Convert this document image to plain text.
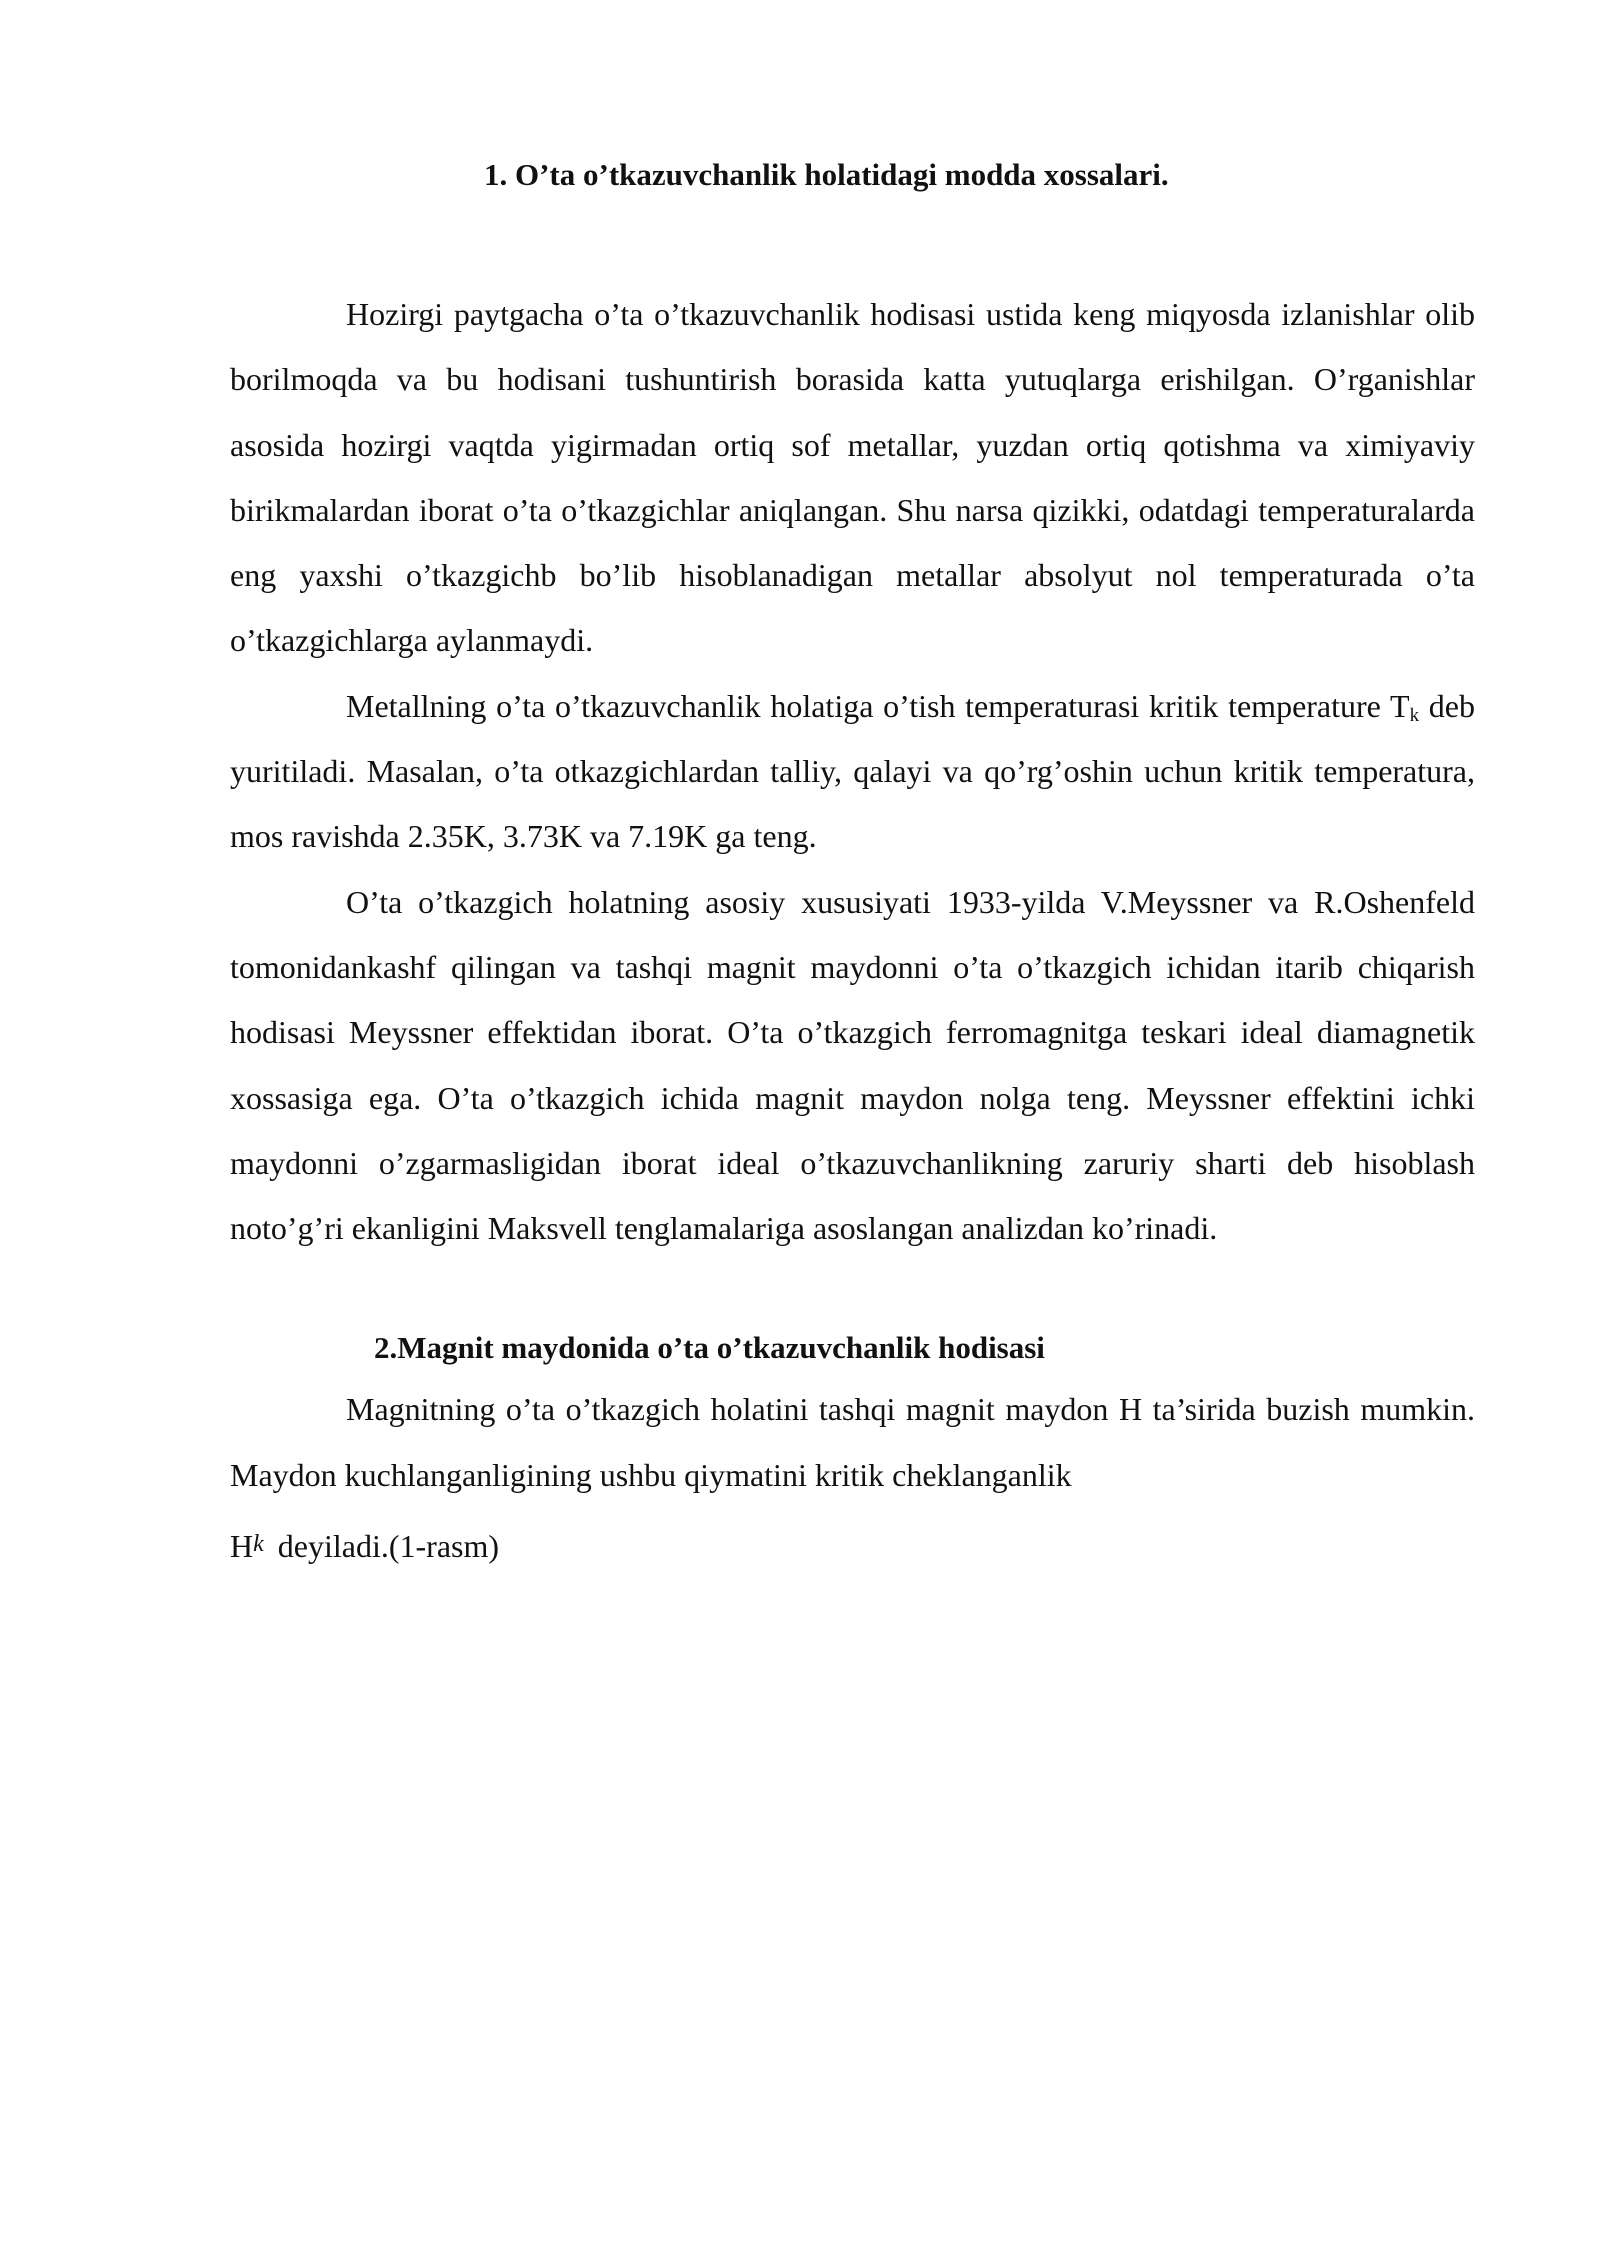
1. O’ta o’tkazuvchanlik holatidagi modda xossalari.

Hozirgi paytgacha o’ta o’tkazuvchanlik hodisasi ustida keng miqyosda izlanishlar olib borilmoqda va bu hodisani tushuntirish borasida katta yutuqlarga erishilgan. O’rganishlar asosida hozirgi vaqtda yigirmadan ortiq sof metallar, yuzdan ortiq qotishma va ximiyaviy birikmalardan iborat o’ta o’tkazgichlar aniqlangan. Shu narsa qizikki, odatdagi temperaturalarda eng yaxshi o’tkazgichb bo’lib hisoblanadigan metallar absolyut nol temperaturada o’ta o’tkazgichlarga aylanmaydi.

Metallning o’ta o’tkazuvchanlik holatiga o’tish temperaturasi kritik temperature $T_k$ deb yuritiladi. Masalan, o’ta otkazgichlardan talliy, qalayi va qo’rg’oshin uchun kritik temperatura, mos ravishda 2.35K, 3.73K va 7.19K ga teng.

O’ta o’tkazgich holatning asosiy xususiyati 1933-yilda V.Meyssner va R.Oshenfeld tomonidankashf qilingan va tashqi magnit maydonni o’ta o’tkazgich ichidan itarib chiqarish hodisasi Meyssner effektidan iborat. O’ta o’tkazgich ferromagnitga teskari ideal diamagnetik xossasiga ega. O’ta o’tkazgich ichida magnit maydon nolga teng. Meyssner effektini ichki maydonni o’zgarmasligidan iborat ideal o’tkazuvchanlikning zaruriy sharti deb hisoblash noto’g’ri ekanligini Maksvell tenglamalariga asoslangan analizdan ko’rinadi.

2.Magnit maydonida o’ta o’tkazuvchanlik hodisasi

Magnitning o’ta o’tkazgich holatini tashqi magnit maydon H ta’sirida buzish mumkin. Maydon kuchlanganligining ushbu qiymatini kritik cheklanganlik

Hk deyiladi.(1-rasm)
